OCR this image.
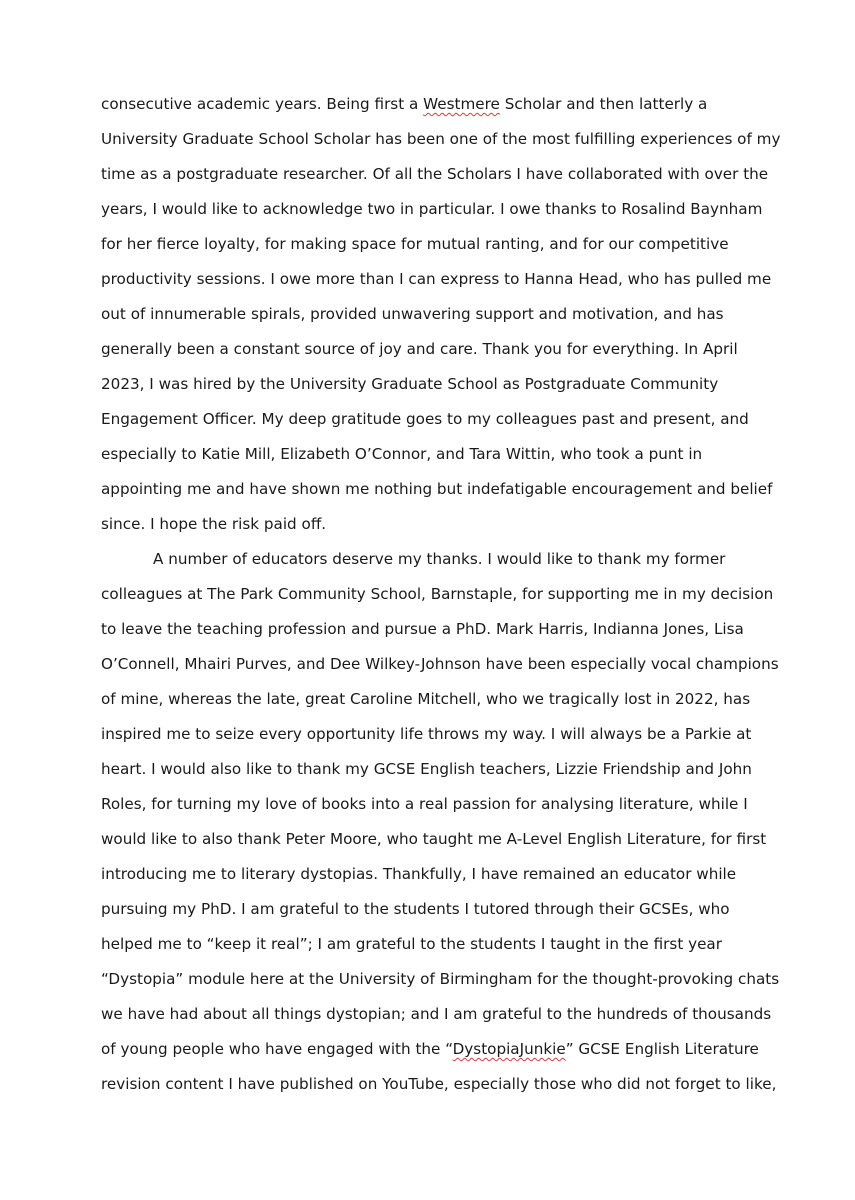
consecutive academic years. Being first a Westmere Scholar and then latterly a
University Graduate School Scholar has been one of the most fulfilling experiences of my
time as a postgraduate researcher. Of all the Scholars I have collaborated with over the
years, I would like to acknowledge two in particular. I owe thanks to Rosalind Baynham
for her fierce loyalty, for making space for mutual ranting, and for our competitive
productivity sessions. I owe more than I can express to Hanna Head, who has pulled me
out of innumerable spirals, provided unwavering support and motivation, and has
generally been a constant source of joy and care. Thank you for everything. In April
2023, I was hired by the University Graduate School as Postgraduate Community
Engagement Officer. My deep gratitude goes to my colleagues past and present, and
especially to Katie Mill, Elizabeth O’Connor, and Tara Wittin, who took a punt in
appointing me and have shown me nothing but indefatigable encouragement and belief
since. I hope the risk paid off.
A number of educators deserve my thanks. I would like to thank my former
colleagues at The Park Community School, Barnstaple, for supporting me in my decision
to leave the teaching profession and pursue a PhD. Mark Harris, Indianna Jones, Lisa
O’Connell, Mhairi Purves, and Dee Wilkey-Johnson have been especially vocal champions
of mine, whereas the late, great Caroline Mitchell, who we tragically lost in 2022, has
inspired me to seize every opportunity life throws my way. I will always be a Parkie at
heart. I would also like to thank my GCSE English teachers, Lizzie Friendship and John
Roles, for turning my love of books into a real passion for analysing literature, while I
would like to also thank Peter Moore, who taught me A-Level English Literature, for first
introducing me to literary dystopias. Thankfully, I have remained an educator while
pursuing my PhD. I am grateful to the students I tutored through their GCSEs, who
helped me to “keep it real”; I am grateful to the students I taught in the first year
“Dystopia” module here at the University of Birmingham for the thought-provoking chats
we have had about all things dystopian; and I am grateful to the hundreds of thousands
of young people who have engaged with the “DystopiaJunkie” GCSE English Literature
revision content I have published on YouTube, especially those who did not forget to like,
